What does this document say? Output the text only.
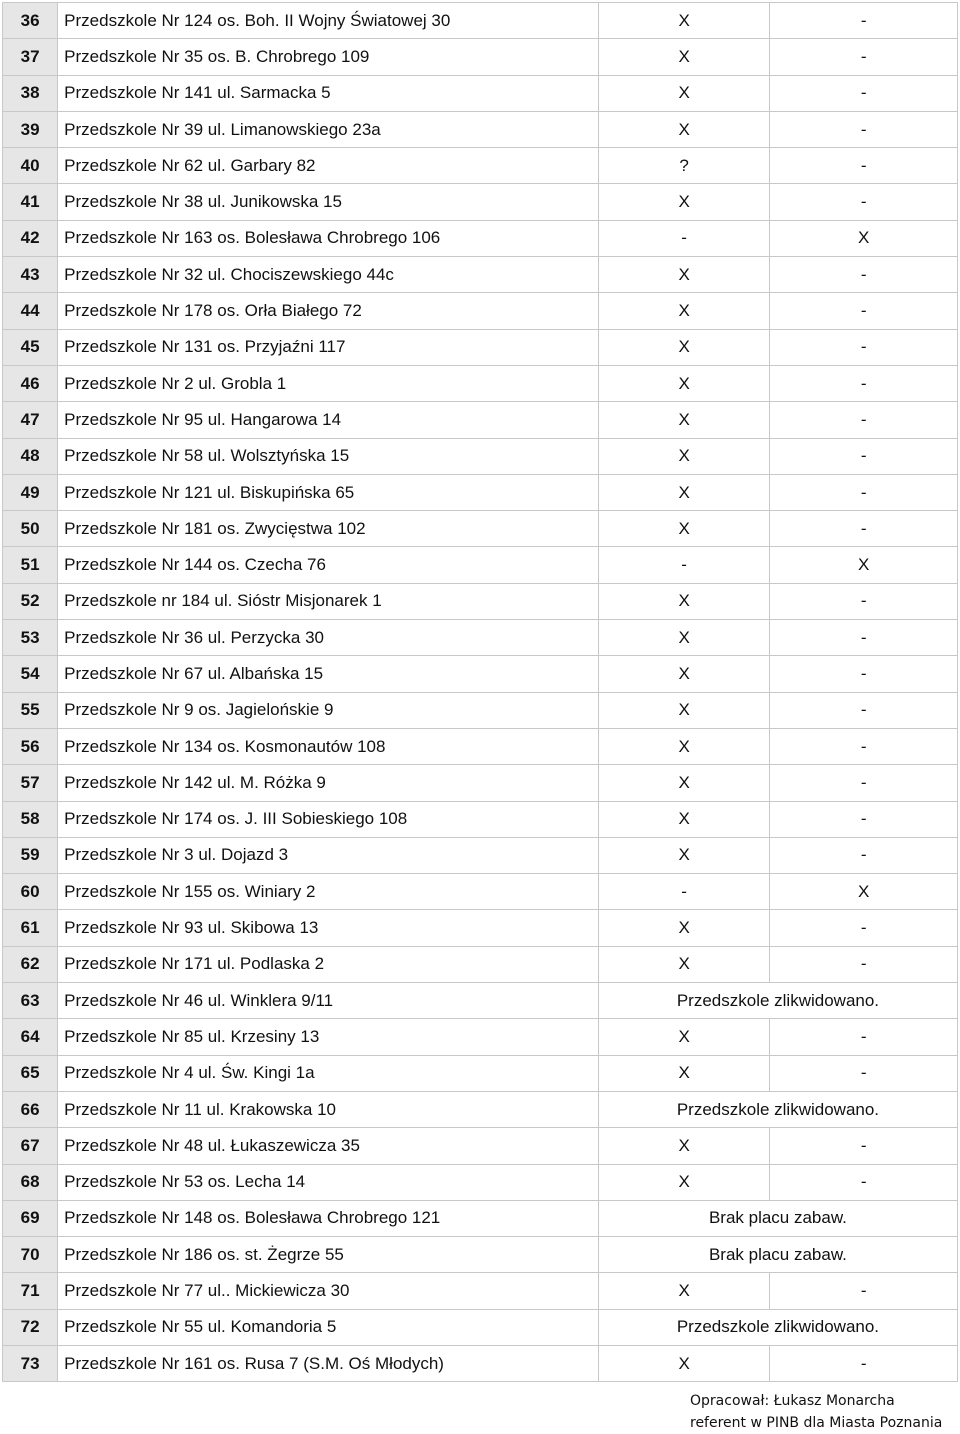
36	Przedszkole Nr 124 os. Boh. II Wojny Światowej 30	X	-
37	Przedszkole Nr 35 os. B. Chrobrego 109	X	-
38	Przedszkole Nr 141 ul. Sarmacka 5	X	-
39	Przedszkole Nr 39 ul. Limanowskiego 23a	X	-
40	Przedszkole Nr 62 ul. Garbary 82	?	-
41	Przedszkole Nr 38 ul. Junikowska 15	X	-
42	Przedszkole Nr 163 os. Bolesława Chrobrego 106	-	X
43	Przedszkole Nr 32 ul. Chociszewskiego 44c	X	-
44	Przedszkole Nr 178 os. Orła Białego 72	X	-
45	Przedszkole Nr 131 os. Przyjaźni 117	X	-
46	Przedszkole Nr 2 ul. Grobla 1	X	-
47	Przedszkole Nr 95 ul. Hangarowa 14	X	-
48	Przedszkole Nr 58 ul. Wolsztyńska 15	X	-
49	Przedszkole Nr 121 ul. Biskupińska 65	X	-
50	Przedszkole Nr 181 os. Zwycięstwa 102	X	-
51	Przedszkole Nr 144 os. Czecha 76	-	X
52	Przedszkole nr 184 ul. Sióstr Misjonarek 1	X	-
53	Przedszkole Nr 36 ul. Perzycka 30	X	-
54	Przedszkole Nr 67 ul. Albańska 15	X	-
55	Przedszkole Nr 9 os. Jagielońskie 9	X	-
56	Przedszkole Nr 134 os. Kosmonautów 108	X	-
57	Przedszkole Nr 142 ul. M. Różka 9	X	-
58	Przedszkole Nr 174 os. J. III Sobieskiego 108	X	-
59	Przedszkole Nr 3 ul. Dojazd 3	X	-
60	Przedszkole Nr 155 os. Winiary 2	-	X
61	Przedszkole Nr 93 ul. Skibowa 13	X	-
62	Przedszkole Nr 171 ul. Podlaska 2	X	-
63	Przedszkole Nr 46 ul. Winklera 9/11	Przedszkole zlikwidowano.	
64	Przedszkole Nr 85 ul. Krzesiny 13	X	-
65	Przedszkole Nr 4 ul. Św. Kingi 1a	X	-
66	Przedszkole Nr 11 ul. Krakowska 10	Przedszkole zlikwidowano.	
67	Przedszkole Nr 48 ul. Łukaszewicza 35	X	-
68	Przedszkole Nr 53 os. Lecha 14	X	-
69	Przedszkole Nr 148 os. Bolesława Chrobrego 121	Brak placu zabaw.	
70	Przedszkole Nr 186 os. st. Żegrze 55	Brak placu zabaw.	
71	Przedszkole Nr 77 ul.. Mickiewicza 30	X	-
72	Przedszkole Nr 55 ul. Komandoria 5	Przedszkole zlikwidowano.	
73	Przedszkole Nr 161 os. Rusa 7 (S.M. Oś Młodych)	X	-

Opracował: Łukasz Monarcha
referent w PINB dla Miasta Poznania
